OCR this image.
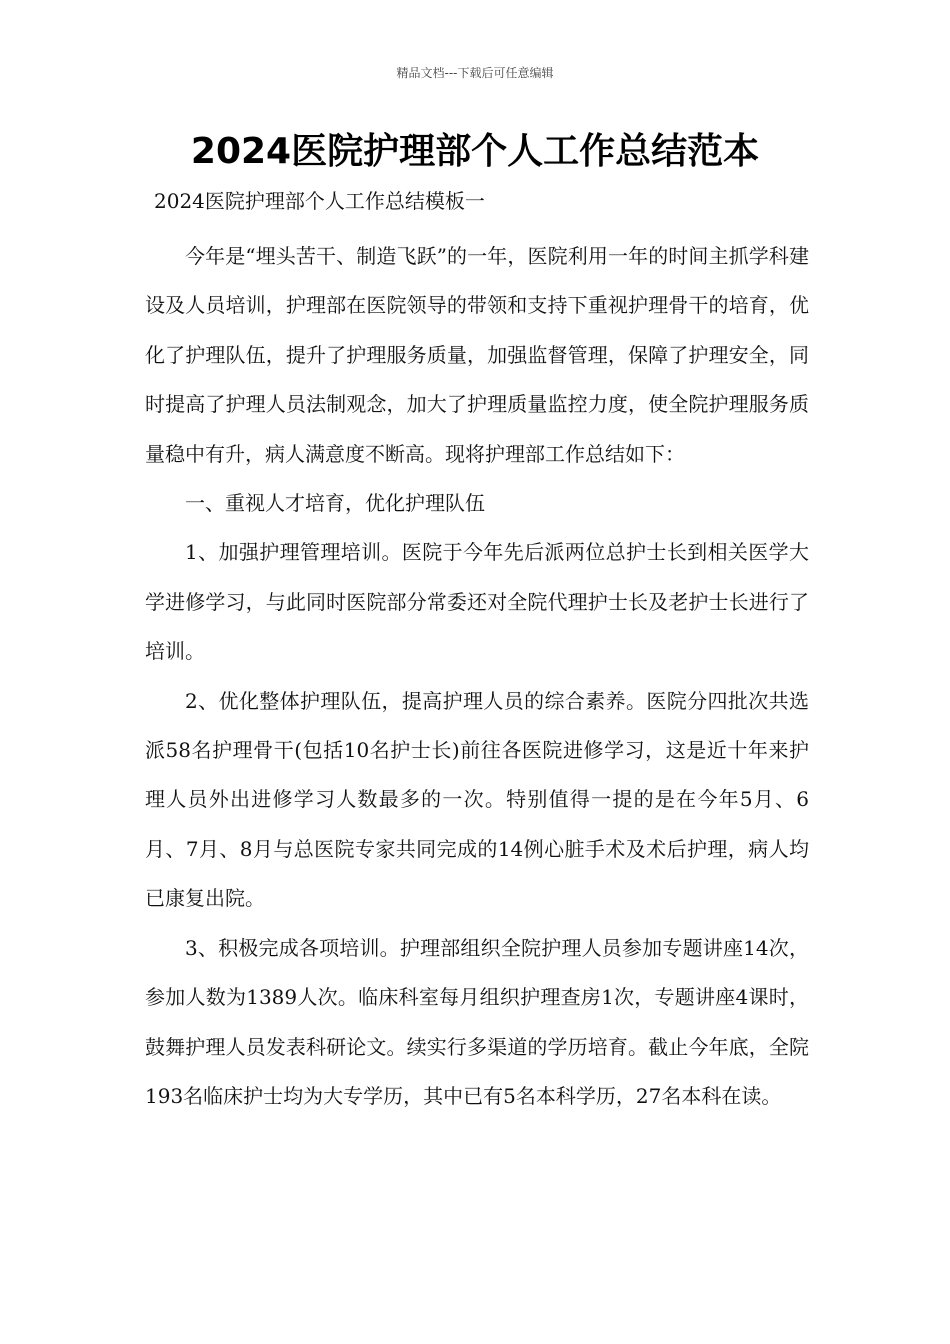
精品文档---下载后可任意编辑
2024医院护理部个人工作总结范本
2024医院护理部个人工作总结模板一

今年是“埋头苦干、制造飞跃”的一年，医院利用一年的时间主抓学科建设及人员培训，护理部在医院领导的带领和支持下重视护理骨干的培育，优化了护理队伍，提升了护理服务质量，加强监督管理，保障了护理安全，同时提高了护理人员法制观念，加大了护理质量监控力度，使全院护理服务质量稳中有升，病人满意度不断高。现将护理部工作总结如下：

一、重视人才培育，优化护理队伍

1、加强护理管理培训。医院于今年先后派两位总护士长到相关医学大学进修学习，与此同时医院部分常委还对全院代理护士长及老护士长进行了培训。

2、优化整体护理队伍，提高护理人员的综合素养。医院分四批次共选派58名护理骨干(包括10名护士长)前往各医院进修学习，这是近十年来护理人员外出进修学习人数最多的一次。特别值得一提的是在今年5月、6月、7月、8月与总医院专家共同完成的14例心脏手术及术后护理，病人均已康复出院。

3、积极完成各项培训。护理部组织全院护理人员参加专题讲座14次，参加人数为1389人次。临床科室每月组织护理查房1次，专题讲座4课时，鼓舞护理人员发表科研论文。续实行多渠道的学历培育。截止今年底，全院193名临床护士均为大专学历，其中已有5名本科学历，27名本科在读。
